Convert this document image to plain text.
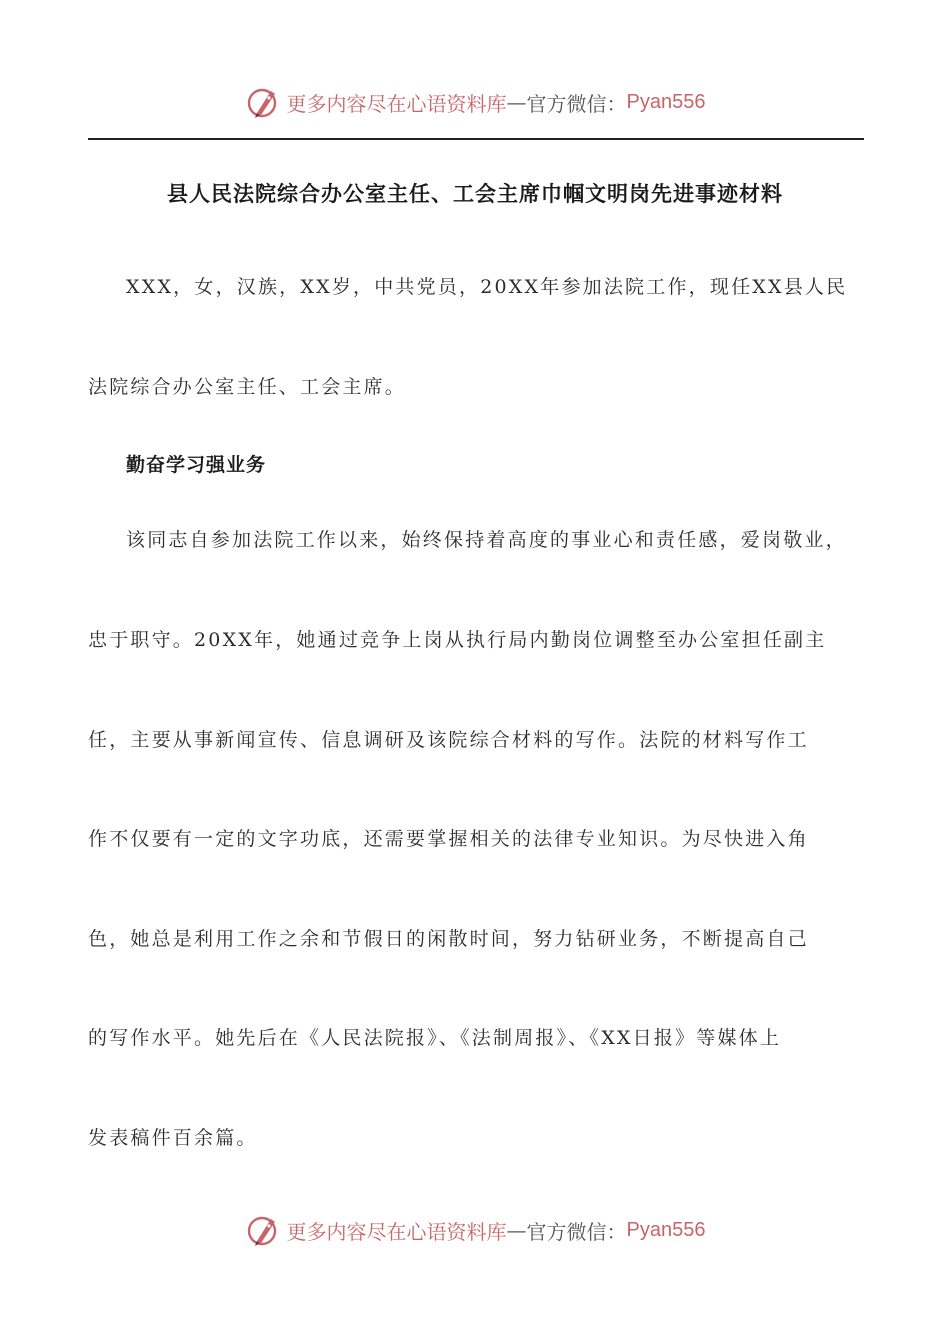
更多内容尽在心语资料库 — 官方微信： Pyan556
县人民法院综合办公室主任、工会主席巾帼文明岗先进事迹材料
XXX，女，汉族，XX岁，中共党员，20XX年参加法院工作，现任XX县人民
法院综合办公室主任、工会主席。
勤奋学习强业务
该同志自参加法院工作以来，始终保持着高度的事业心和责任感，爱岗敬业，
忠于职守。20XX年，她通过竞争上岗从执行局内勤岗位调整至办公室担任副主
任，主要从事新闻宣传、信息调研及该院综合材料的写作。法院的材料写作工
作不仅要有一定的文字功底，还需要掌握相关的法律专业知识。为尽快进入角
色，她总是利用工作之余和节假日的闲散时间，努力钻研业务，不断提高自己
的写作水平。她先后在《人民法院报》、《法制周报》、《XX日报》等媒体上
发表稿件百余篇。
更多内容尽在心语资料库 — 官方微信： Pyan556
